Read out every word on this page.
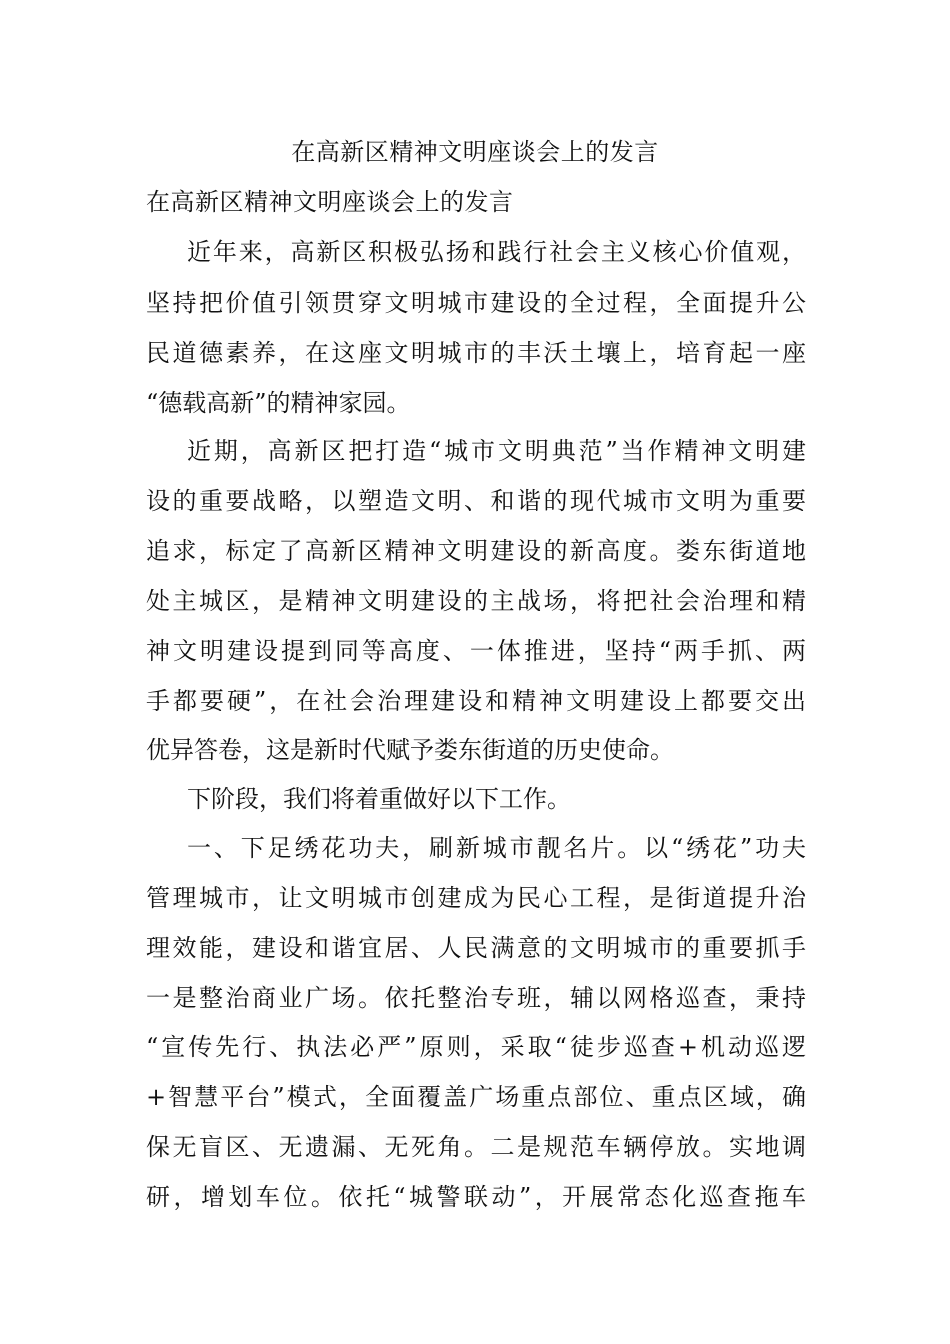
在高新区精神文明座谈会上的发言
在高新区精神文明座谈会上的发言
近年来，高新区积极弘扬和践行社会主义核心价值观，
坚持把价值引领贯穿文明城市建设的全过程，全面提升公
民道德素养，在这座文明城市的丰沃土壤上，培育起一座
“德载高新”的精神家园。
近期，高新区把打造“城市文明典范”当作精神文明建
设的重要战略，以塑造文明、和谐的现代城市文明为重要
追求，标定了高新区精神文明建设的新高度。娄东街道地
处主城区，是精神文明建设的主战场，将把社会治理和精
神文明建设提到同等高度、一体推进，坚持“两手抓、两
手都要硬”，在社会治理建设和精神文明建设上都要交出
优异答卷，这是新时代赋予娄东街道的历史使命。
下阶段，我们将着重做好以下工作。
一、下足绣花功夫，刷新城市靓名片。以“绣花”功夫
管理城市，让文明城市创建成为民心工程，是街道提升治
理效能，建设和谐宜居、人民满意的文明城市的重要抓手
一是整治商业广场。依托整治专班，辅以网格巡查，秉持
“宣传先行、执法必严”原则，采取“徒步巡查+机动巡逻
+智慧平台”模式，全面覆盖广场重点部位、重点区域，确
保无盲区、无遗漏、无死角。二是规范车辆停放。实地调
研，增划车位。依托“城警联动”，开展常态化巡查拖车
